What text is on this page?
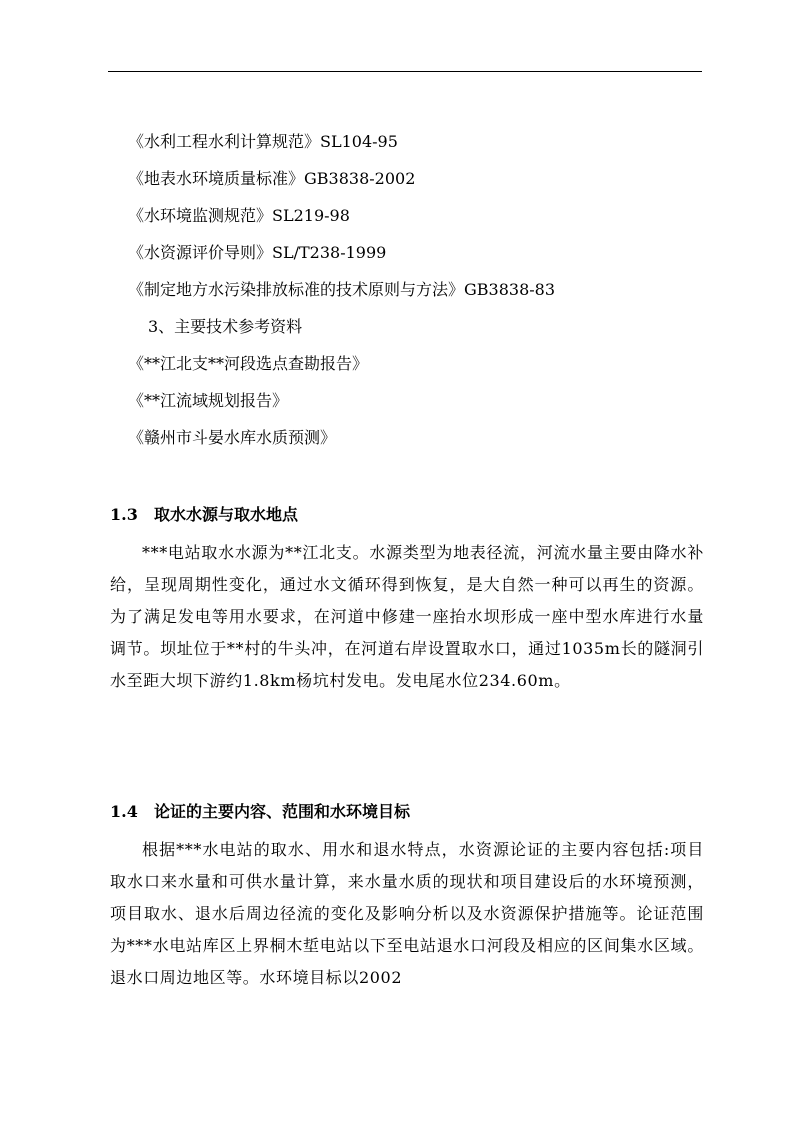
《水利工程水利计算规范》SL104-95
《地表水环境质量标准》GB3838-2002
《水环境监测规范》SL219-98
《水资源评价导则》SL/T238-1999
《制定地方水污染排放标准的技术原则与方法》GB3838-83
3、主要技术参考资料
《**江北支**河段选点查勘报告》
《**江流域规划报告》
《赣州市斗晏水库水质预测》
1.3 取水水源与取水地点
***电站取水水源为**江北支。水源类型为地表径流，河流水量主要由降水补给，呈现周期性变化，通过水文循环得到恢复，是大自然一种可以再生的资源。为了满足发电等用水要求，在河道中修建一座抬水坝形成一座中型水库进行水量调节。坝址位于**村的牛头冲，在河道右岸设置取水口，通过1035m长的隧洞引水至距大坝下游约1.8km杨坑村发电。发电尾水位234.60m。
1.4 论证的主要内容、范围和水环境目标
根据***水电站的取水、用水和退水特点，水资源论证的主要内容包括:项目取水口来水量和可供水量计算，来水量水质的现状和项目建设后的水环境预测，项目取水、退水后周边径流的变化及影响分析以及水资源保护措施等。论证范围为***水电站库区上界桐木埑电站以下至电站退水口河段及相应的区间集水区域。退水口周边地区等。水环境目标以2002
